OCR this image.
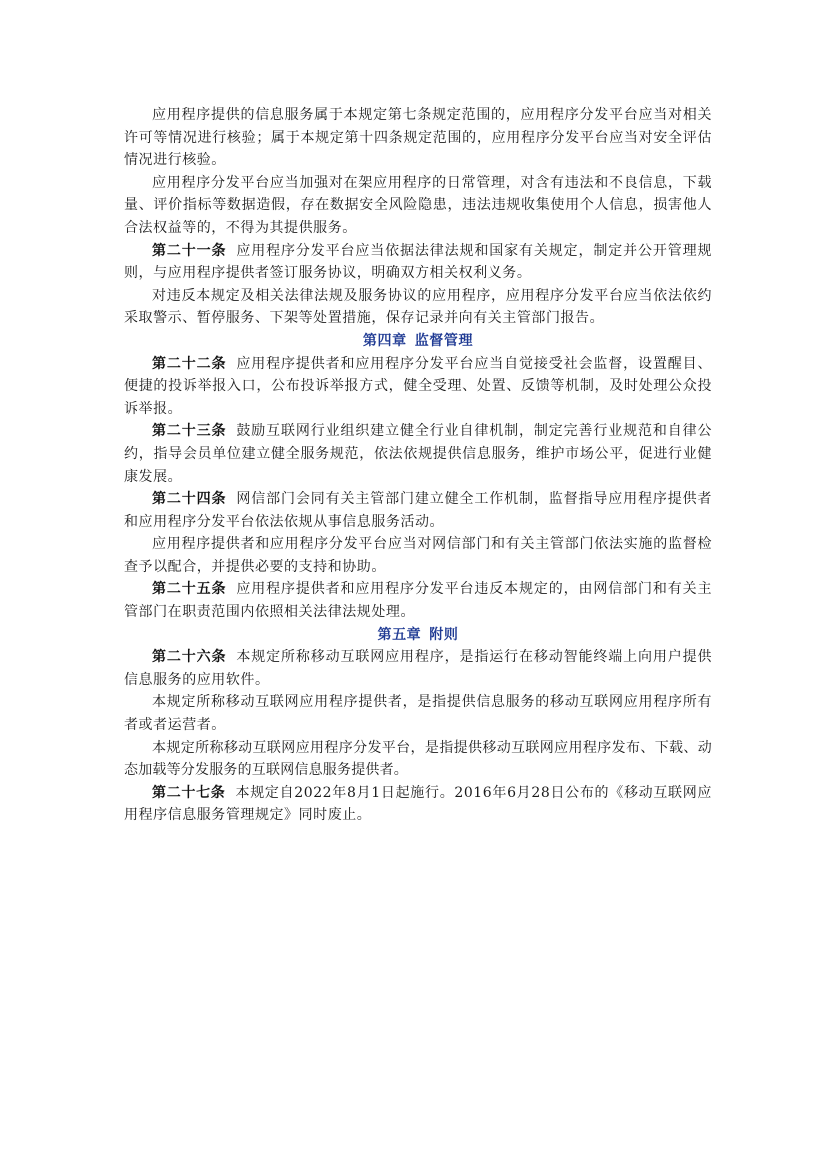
应用程序提供的信息服务属于本规定第七条规定范围的，应用程序分发平台应当对相关许可等情况进行核验；属于本规定第十四条规定范围的，应用程序分发平台应当对安全评估情况进行核验。

应用程序分发平台应当加强对在架应用程序的日常管理，对含有违法和不良信息，下载量、评价指标等数据造假，存在数据安全风险隐患，违法违规收集使用个人信息，损害他人合法权益等的，不得为其提供服务。

第二十一条 应用程序分发平台应当依据法律法规和国家有关规定，制定并公开管理规则，与应用程序提供者签订服务协议，明确双方相关权利义务。

对违反本规定及相关法律法规及服务协议的应用程序，应用程序分发平台应当依法依约采取警示、暂停服务、下架等处置措施，保存记录并向有关主管部门报告。

第四章 监督管理

第二十二条 应用程序提供者和应用程序分发平台应当自觉接受社会监督，设置醒目、便捷的投诉举报入口，公布投诉举报方式，健全受理、处置、反馈等机制，及时处理公众投诉举报。

第二十三条 鼓励互联网行业组织建立健全行业自律机制，制定完善行业规范和自律公约，指导会员单位建立健全服务规范，依法依规提供信息服务，维护市场公平，促进行业健康发展。

第二十四条 网信部门会同有关主管部门建立健全工作机制，监督指导应用程序提供者和应用程序分发平台依法依规从事信息服务活动。

应用程序提供者和应用程序分发平台应当对网信部门和有关主管部门依法实施的监督检查予以配合，并提供必要的支持和协助。

第二十五条 应用程序提供者和应用程序分发平台违反本规定的，由网信部门和有关主管部门在职责范围内依照相关法律法规处理。

第五章 附则

第二十六条 本规定所称移动互联网应用程序，是指运行在移动智能终端上向用户提供信息服务的应用软件。

本规定所称移动互联网应用程序提供者，是指提供信息服务的移动互联网应用程序所有者或者运营者。

本规定所称移动互联网应用程序分发平台，是指提供移动互联网应用程序发布、下载、动态加载等分发服务的互联网信息服务提供者。

第二十七条 本规定自2022年8月1日起施行。2016年6月28日公布的《移动互联网应用程序信息服务管理规定》同时废止。
